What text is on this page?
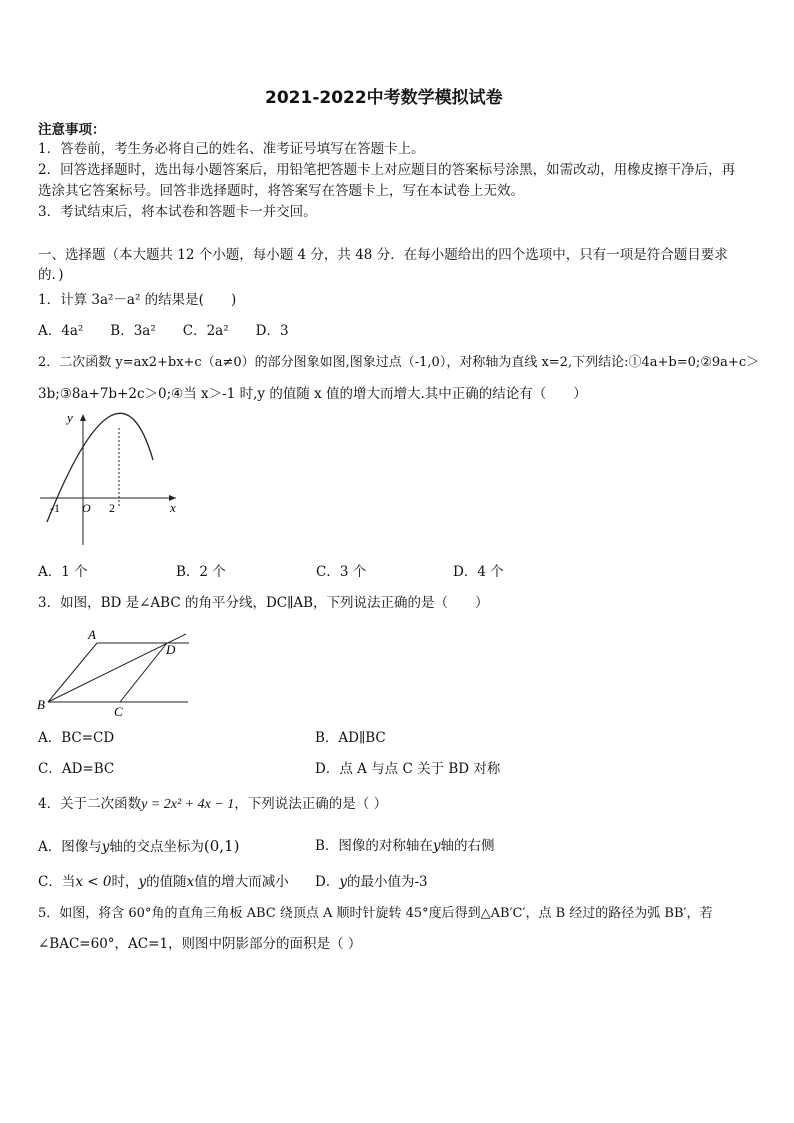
2021-2022中考数学模拟试卷
注意事项：
1．答卷前，考生务必将自己的姓名、准考证号填写在答题卡上。
2．回答选择题时，选出每小题答案后，用铅笔把答题卡上对应题目的答案标号涂黑，如需改动，用橡皮擦干净后，再
选涂其它答案标号。回答非选择题时，将答案写在答题卡上，写在本试卷上无效。
3．考试结束后，将本试卷和答题卡一并交回。
一、选择题（本大题共 12 个小题，每小题 4 分，共 48 分．在每小题给出的四个选项中，只有一项是符合题目要求
的．)
1．计算 3a²－a² 的结果是(　　)
A．4a²　　B．3a²　　C．2a²　　D．3
2．二次函数 y=ax2+bx+c（a≠0）的部分图象如图,图象过点（-1,0），对称轴为直线 x=2,下列结论:①4a+b=0;②9a+c＞
3b;③8a+7b+2c＞0;④当 x＞-1 时,y 的值随 x 值的增大而增大.其中正确的结论有（　　）
y
x
O
-1	2
A．1 个	B．2 个	C．3 个	D．4 个
3．如图，BD 是∠ABC 的角平分线，DC∥AB，下列说法正确的是（　　）
A
D
B	C
A．BC=CD	B．AD∥BC
C．AD=BC	D．点 A 与点 C 关于 BD 对称
4．关于二次函数y = 2x² + 4x − 1，下列说法正确的是（ ）
A．图像与y轴的交点坐标为(0,1)	B．图像的对称轴在y轴的右侧
C．当x < 0时，y的值随x值的增大而减小 D．y的最小值为-3
5．如图，将含 60°角的直角三角板 ABC 绕顶点 A 顺时针旋转 45°度后得到△AB′C′，点 B 经过的路径为弧 BB′，若
∠BAC=60°，AC=1，则图中阴影部分的面积是（ ）
